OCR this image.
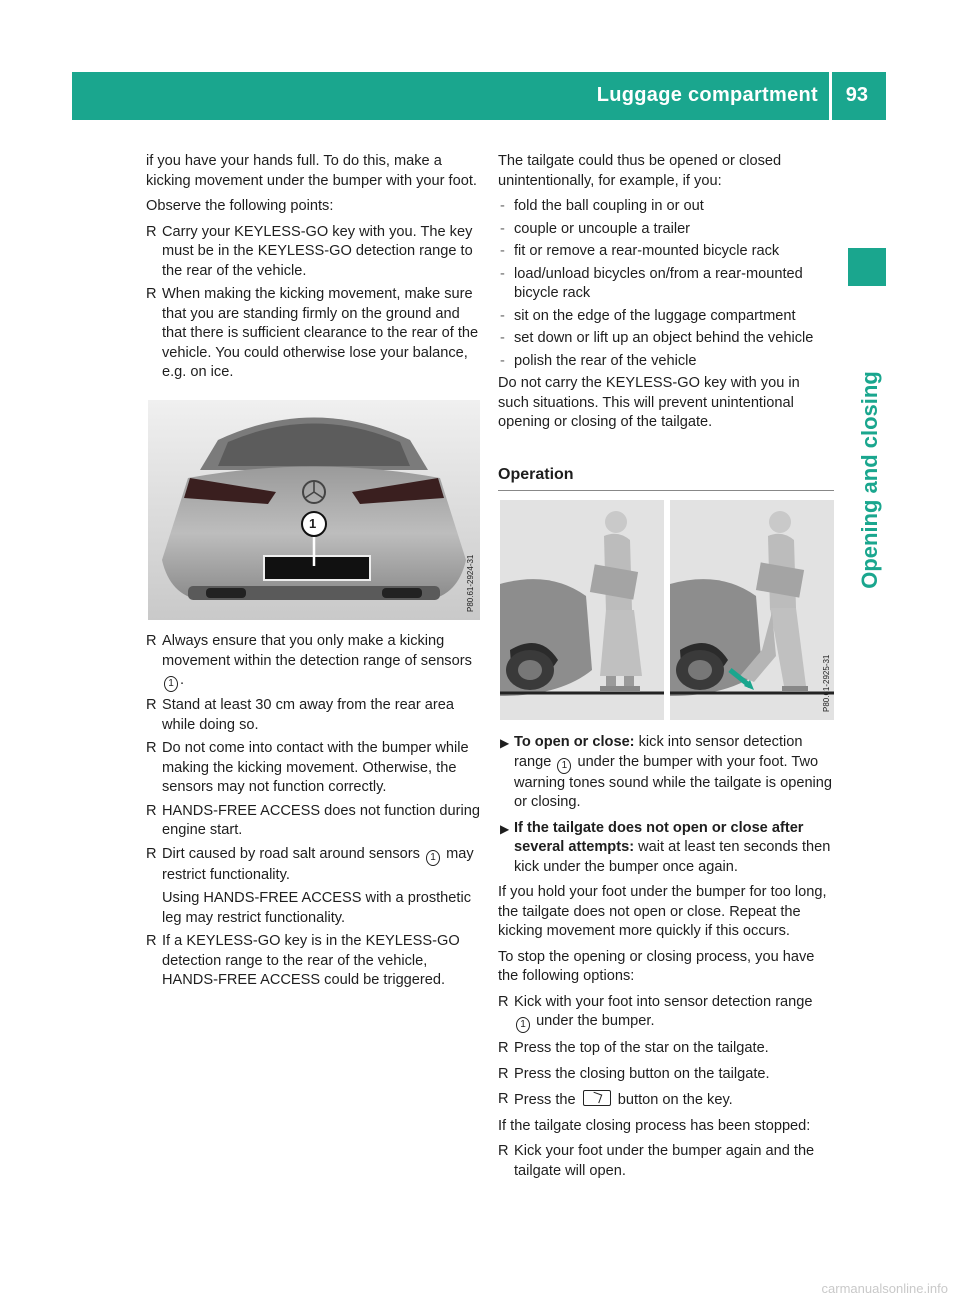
Luggage compartment 93
Opening and closing

if you have your hands full. To do this, make a kicking movement under the bumper with your foot.

Observe the following points:

R Carry your KEYLESS-GO key with you. The key must be in the KEYLESS-GO detection range to the rear of the vehicle.
R When making the kicking movement, make sure that you are standing firmly on the ground and that there is sufficient clearance to the rear of the vehicle. You could otherwise lose your balance, e.g. on ice.
P80.61-2924-31
1
R Always ensure that you only make a kicking movement within the detection range of sensors 1 .
R Stand at least 30 cm away from the rear area while doing so.
R Do not come into contact with the bumper while making the kicking movement. Otherwise, the sensors may not function correctly.
R HANDS-FREE ACCESS does not function during engine start.
R Dirt caused by road salt around sensors 1 may restrict functionality.

Using HANDS-FREE ACCESS with a prosthetic leg may restrict functionality.
R If a KEYLESS-GO key is in the KEYLESS-GO detection range to the rear of the vehicle, HANDS-FREE ACCESS could be triggered.

The tailgate could thus be opened or closed unintentionally, for example, if you:

- fold the ball coupling in or out
- couple or uncouple a trailer
- fit or remove a rear-mounted bicycle rack
- load/unload bicycles on/from a rear-mounted bicycle rack
- sit on the edge of the luggage compartment
- set down or lift up an object behind the vehicle
- polish the rear of the vehicle

Do not carry the KEYLESS-GO key with you in such situations. This will prevent unintentional opening or closing of the tailgate.

Operation
P80.61-2925-31
▶ To open or close: kick into sensor detection range 1 under the bumper with your foot. Two warning tones sound while the tailgate is opening or closing.
▶ If the tailgate does not open or close after several attempts: wait at least ten seconds then kick under the bumper once again.

If you hold your foot under the bumper for too long, the tailgate does not open or close. Repeat the kicking movement more quickly if this occurs.

To stop the opening or closing process, you have the following options:

R Kick with your foot into sensor detection range 1 under the bumper.
R Press the top of the star on the tailgate.
R Press the closing button on the tailgate.
R Press the	button on the key.

If the tailgate closing process has been stopped:

R Kick your foot under the bumper again and the tailgate will open.
carmanualsonline.info
